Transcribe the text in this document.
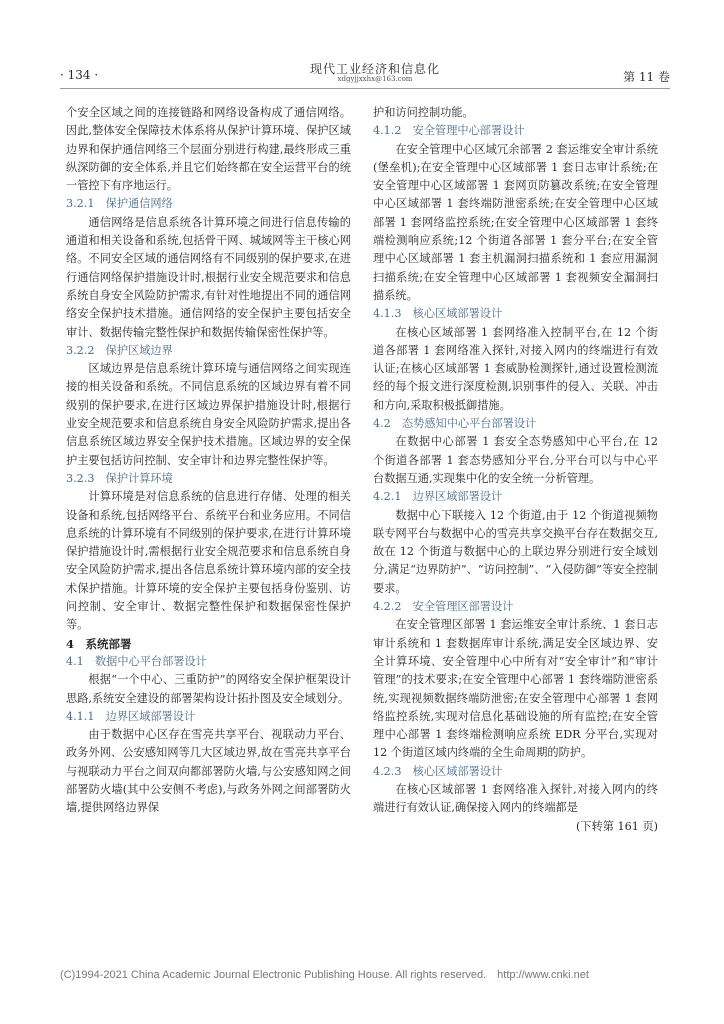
· 134 ·	现代工业经济和信息化
xdgyjjxxhx@163.com	第 11 卷

个安全区域之间的连接链路和网络设备构成了通信网络。因此,整体安全保障技术体系将从保护计算环境、保护区域边界和保护通信网络三个层面分别进行构建,最终形成三重纵深防御的安全体系,并且它们始终都在安全运营平台的统一管控下有序地运行。

3.2.1　保护通信网络

通信网络是信息系统各计算环境之间进行信息传输的通道和相关设备和系统,包括骨干网、城域网等主干核心网络。不同安全区域的通信网络有不同级别的保护要求,在进行通信网络保护措施设计时,根据行业安全规范要求和信息系统自身安全风险防护需求,有针对性地提出不同的通信网络安全保护技术措施。通信网络的安全保护主要包括安全审计、数据传输完整性保护和数据传输保密性保护等。

3.2.2　保护区域边界

区域边界是信息系统计算环境与通信网络之间实现连接的相关设备和系统。不同信息系统的区域边界有着不同级别的保护要求,在进行区域边界保护措施设计时,根据行业安全规范要求和信息系统自身安全风险防护需求,提出各信息系统区域边界安全保护技术措施。区域边界的安全保护主要包括访问控制、安全审计和边界完整性保护等。

3.2.3　保护计算环境

计算环境是对信息系统的信息进行存储、处理的相关设备和系统,包括网络平台、系统平台和业务应用。不同信息系统的计算环境有不同级别的保护要求,在进行计算环境保护措施设计时,需根据行业安全规范要求和信息系统自身安全风险防护需求,提出各信息系统计算环境内部的安全技术保护措施。计算环境的安全保护主要包括身份鉴别、访问控制、安全审计、数据完整性保护和数据保密性保护等。

4　系统部署
4.1　数据中心平台部署设计

根据“一个中心、三重防护”的网络安全保护框架设计思路,系统安全建设的部署架构设计拓扑图及安全域划分。

4.1.1　边界区域部署设计

由于数据中心区存在雪亮共享平台、视联动力平台、政务外网、公安感知网等几大区域边界,故在雪亮共享平台与视联动力平台之间双向都部署防火墙,与公安感知网之间部署防火墙(其中公安侧不考虑),与政务外网之间部署防火墙,提供网络边界保

护和访问控制功能。

4.1.2　安全管理中心部署设计

在安全管理中心区域冗余部署 2 套运维安全审计系统(堡垒机);在安全管理中心区域部署 1 套日志审计系统;在安全管理中心区域部署 1 套网页防篡改系统;在安全管理中心区域部署 1 套终端防泄密系统;在安全管理中心区域部署 1 套网络监控系统;在安全管理中心区域部署 1 套终端检测响应系统;12 个街道各部署 1 套分平台;在安全管理中心区域部署 1 套主机漏洞扫描系统和 1 套应用漏洞扫描系统;在安全管理中心区域部署 1 套视频安全漏洞扫描系统。

4.1.3　核心区域部署设计

在核心区域部署 1 套网络准入控制平台,在 12 个街道各部署 1 套网络准入探针,对接入网内的终端进行有效认证;在核心区域部署 1 套威胁检测探针,通过设置检测流经的每个报文进行深度检测,识别事件的侵入、关联、冲击和方向,采取积极抵御措施。

4.2　态势感知中心平台部署设计

在数据中心部署 1 套安全态势感知中心平台,在 12 个街道各部署 1 套态势感知分平台,分平台可以与中心平台数据互通,实现集中化的安全统一分析管理。

4.2.1　边界区域部署设计

数据中心下联接入 12 个街道,由于 12 个街道视频物联专网平台与数据中心的雪亮共享交换平台存在数据交互,故在 12 个街道与数据中心的上联边界分别进行安全域划分,满足“边界防护”、“访问控制”、“入侵防御”等安全控制要求。

4.2.2　安全管理区部署设计

在安全管理区部署 1 套运维安全审计系统、1 套日志审计系统和 1 套数据库审计系统,满足安全区域边界、安全计算环境、安全管理中心中所有对“安全审计”和“审计管理”的技术要求;在安全管理中心部署 1 套终端防泄密系统,实现视频数据终端防泄密;在安全管理中心部署 1 套网络监控系统,实现对信息化基础设施的所有监控;在安全管理中心部署 1 套终端检测响应系统 EDR 分平台,实现对 12 个街道区域内终端的全生命周期的防护。

4.2.3　核心区域部署设计

在核心区域部署 1 套网络准入探针,对接入网内的终端进行有效认证,确保接入网内的终端都是

(下转第 161 页)

(C)1994-2021 China Academic Journal Electronic Publishing House. All rights reserved.　http://www.cnki.net
